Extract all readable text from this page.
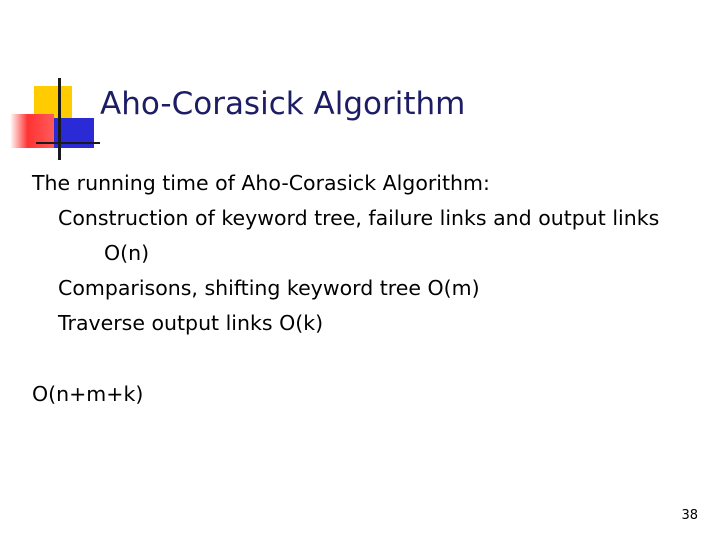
Aho-Corasick Algorithm
The running time of Aho-Corasick Algorithm:
Construction of keyword tree, failure links and output links
O(n)
Comparisons, shifting keyword tree O(m)
Traverse output links O(k)
O(n+m+k)
38
